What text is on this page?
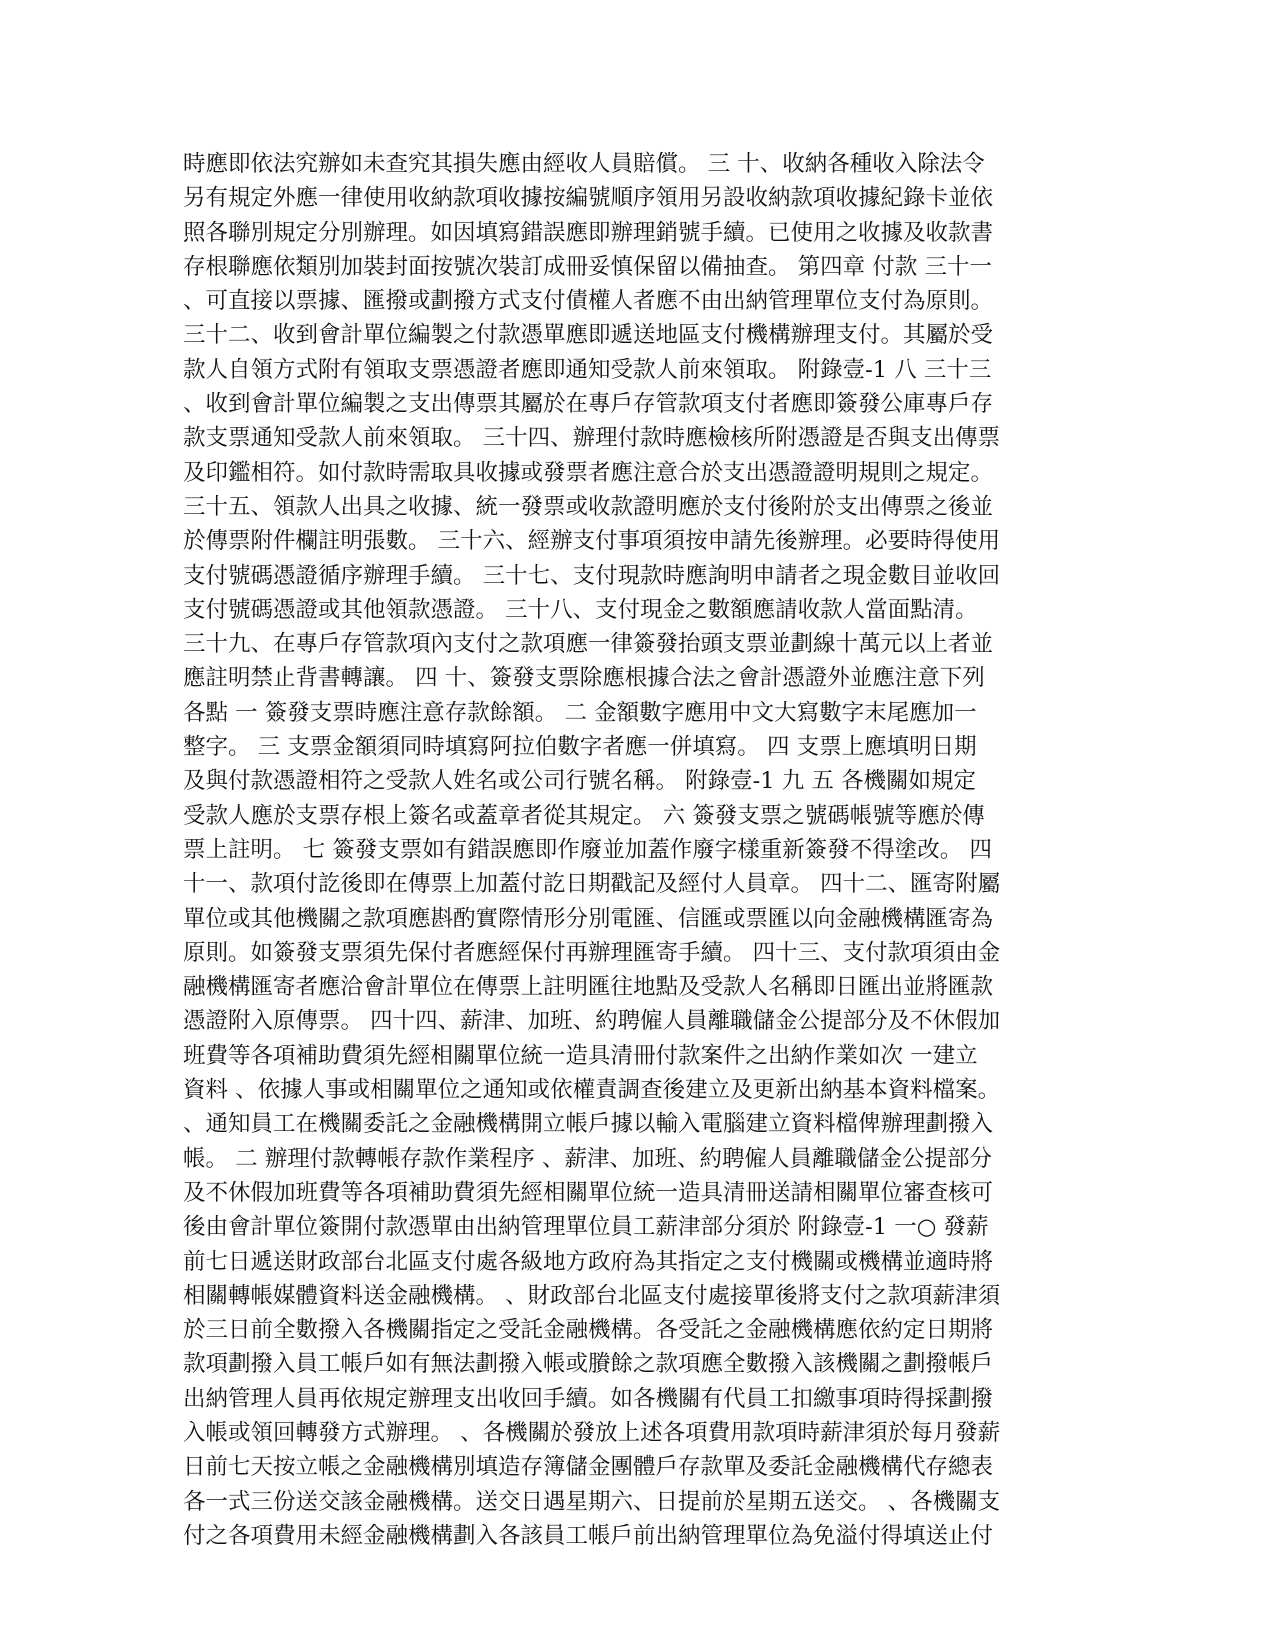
時應即依法究辦如未查究其損失應由經收人員賠償。 三 十、收納各種收入除法令
另有規定外應一律使用收納款項收據按編號順序領用另設收納款項收據紀錄卡並依
照各聯別規定分別辦理。如因填寫錯誤應即辦理銷號手續。已使用之收據及收款書
存根聯應依類別加裝封面按號次裝訂成冊妥慎保留以備抽查。 第四章 付款 三十一
、可直接以票據、匯撥或劃撥方式支付債權人者應不由出納管理單位支付為原則。
三十二、收到會計單位編製之付款憑單應即遞送地區支付機構辦理支付。其屬於受
款人自領方式附有領取支票憑證者應即通知受款人前來領取。 附錄壹-1 八 三十三
、收到會計單位編製之支出傳票其屬於在專戶存管款項支付者應即簽發公庫專戶存
款支票通知受款人前來領取。 三十四、辦理付款時應檢核所附憑證是否與支出傳票
及印鑑相符。如付款時需取具收據或發票者應注意合於支出憑證證明規則之規定。
三十五、領款人出具之收據、統一發票或收款證明應於支付後附於支出傳票之後並
於傳票附件欄註明張數。 三十六、經辦支付事項須按申請先後辦理。必要時得使用
支付號碼憑證循序辦理手續。 三十七、支付現款時應詢明申請者之現金數目並收回
支付號碼憑證或其他領款憑證。 三十八、支付現金之數額應請收款人當面點清。
三十九、在專戶存管款項內支付之款項應一律簽發抬頭支票並劃線十萬元以上者並
應註明禁止背書轉讓。 四 十、簽發支票除應根據合法之會計憑證外並應注意下列
各點 一 簽發支票時應注意存款餘額。 二 金額數字應用中文大寫數字末尾應加一
整字。 三 支票金額須同時填寫阿拉伯數字者應一併填寫。 四 支票上應填明日期
及與付款憑證相符之受款人姓名或公司行號名稱。 附錄壹-1 九 五 各機關如規定
受款人應於支票存根上簽名或蓋章者從其規定。 六 簽發支票之號碼帳號等應於傳
票上註明。 七 簽發支票如有錯誤應即作廢並加蓋作廢字樣重新簽發不得塗改。 四
十一、款項付訖後即在傳票上加蓋付訖日期戳記及經付人員章。 四十二、匯寄附屬
單位或其他機關之款項應斟酌實際情形分別電匯、信匯或票匯以向金融機構匯寄為
原則。如簽發支票須先保付者應經保付再辦理匯寄手續。 四十三、支付款項須由金
融機構匯寄者應洽會計單位在傳票上註明匯往地點及受款人名稱即日匯出並將匯款
憑證附入原傳票。 四十四、薪津、加班、約聘僱人員離職儲金公提部分及不休假加
班費等各項補助費須先經相關單位統一造具清冊付款案件之出納作業如次 一建立
資料 、依據人事或相關單位之通知或依權責調查後建立及更新出納基本資料檔案。
、通知員工在機關委託之金融機構開立帳戶據以輸入電腦建立資料檔俾辦理劃撥入
帳。 二 辦理付款轉帳存款作業程序 、薪津、加班、約聘僱人員離職儲金公提部分
及不休假加班費等各項補助費須先經相關單位統一造具清冊送請相關單位審查核可
後由會計單位簽開付款憑單由出納管理單位員工薪津部分須於 附錄壹-1 一○ 發薪
前七日遞送財政部台北區支付處各級地方政府為其指定之支付機關或機構並適時將
相關轉帳媒體資料送金融機構。 、財政部台北區支付處接單後將支付之款項薪津須
於三日前全數撥入各機關指定之受託金融機構。各受託之金融機構應依約定日期將
款項劃撥入員工帳戶如有無法劃撥入帳或賸餘之款項應全數撥入該機關之劃撥帳戶
出納管理人員再依規定辦理支出收回手續。如各機關有代員工扣繳事項時得採劃撥
入帳或領回轉發方式辦理。 、各機關於發放上述各項費用款項時薪津須於每月發薪
日前七天按立帳之金融機構別填造存簿儲金團體戶存款單及委託金融機構代存總表
各一式三份送交該金融機構。送交日遇星期六、日提前於星期五送交。 、各機關支
付之各項費用未經金融機構劃入各該員工帳戶前出納管理單位為免溢付得填送止付
